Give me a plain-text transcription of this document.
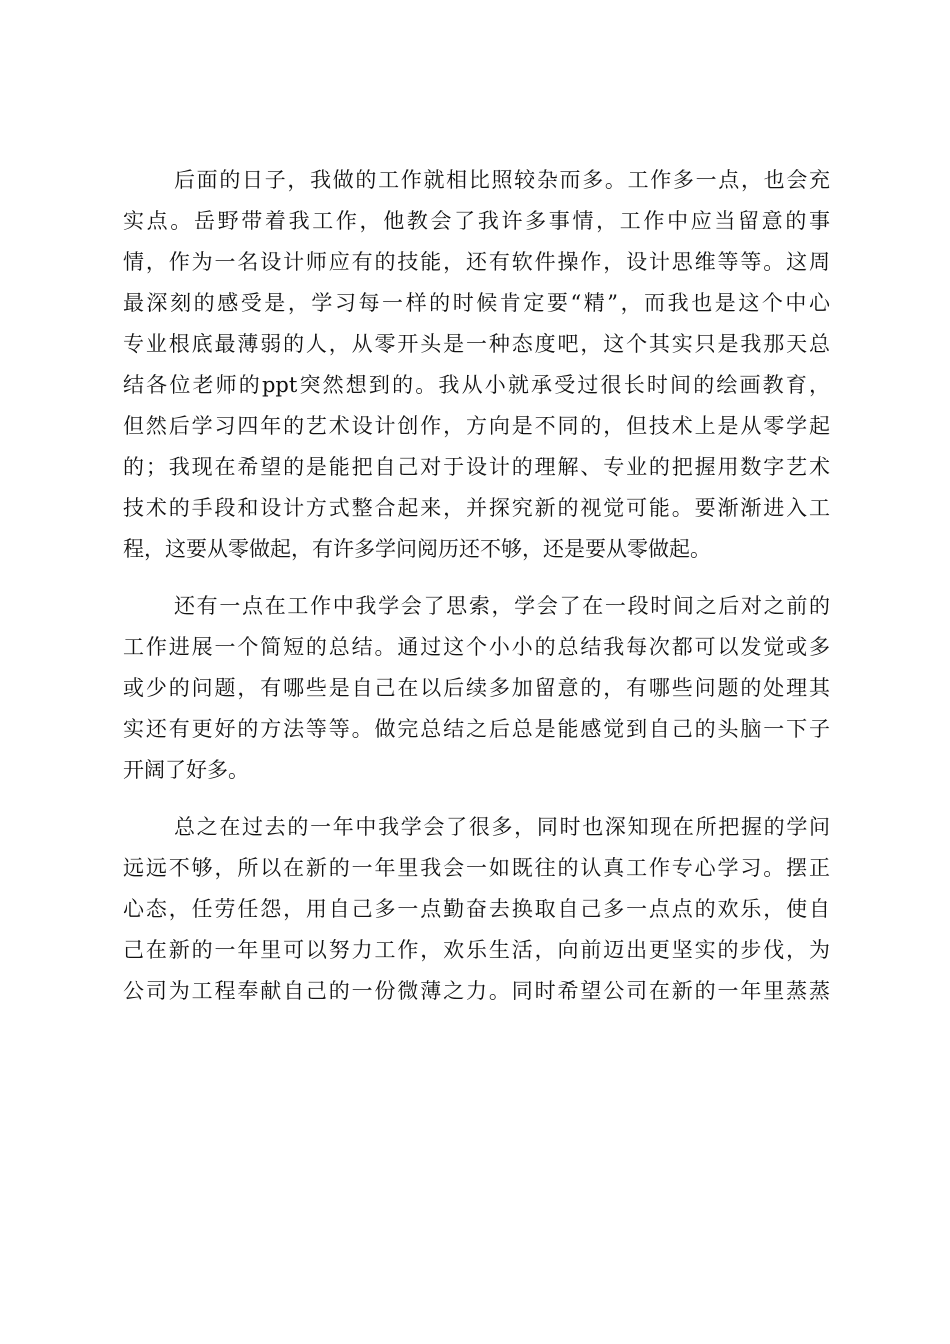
后面的日子，我做的工作就相比照较杂而多。工作多一点，也会充
实点。岳野带着我工作，他教会了我许多事情，工作中应当留意的事
情，作为一名设计师应有的技能，还有软件操作，设计思维等等。这周
最深刻的感受是，学习每一样的时候肯定要“精”，而我也是这个中心
专业根底最薄弱的人，从零开头是一种态度吧，这个其实只是我那天总
结各位老师的ppt突然想到的。我从小就承受过很长时间的绘画教育，
但然后学习四年的艺术设计创作，方向是不同的，但技术上是从零学起
的；我现在希望的是能把自己对于设计的理解、专业的把握用数字艺术
技术的手段和设计方式整合起来，并探究新的视觉可能。要渐渐进入工
程，这要从零做起，有许多学问阅历还不够，还是要从零做起。
还有一点在工作中我学会了思索，学会了在一段时间之后对之前的
工作进展一个简短的总结。通过这个小小的总结我每次都可以发觉或多
或少的问题，有哪些是自己在以后续多加留意的，有哪些问题的处理其
实还有更好的方法等等。做完总结之后总是能感觉到自己的头脑一下子
开阔了好多。
总之在过去的一年中我学会了很多，同时也深知现在所把握的学问
远远不够，所以在新的一年里我会一如既往的认真工作专心学习。摆正
心态，任劳任怨，用自己多一点勤奋去换取自己多一点点的欢乐，使自
己在新的一年里可以努力工作，欢乐生活，向前迈出更坚实的步伐，为
公司为工程奉献自己的一份微薄之力。同时希望公司在新的一年里蒸蒸
